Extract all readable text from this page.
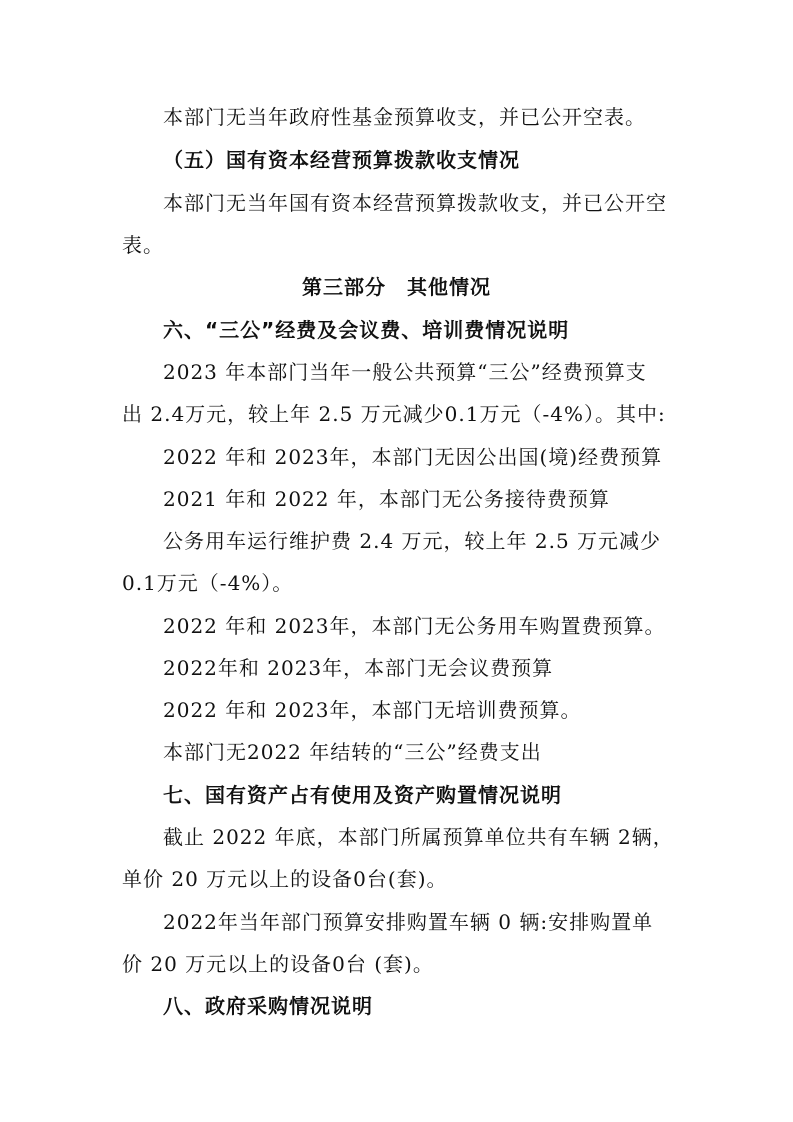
本部门无当年政府性基金预算收支，并已公开空表。

（五）国有资本经营预算拨款收支情况

本部门无当年国有资本经营预算拨款收支，并已公开空

表。

第三部分　其他情况

六、“三公”经费及会议费、培训费情况说明

2023 年本部门当年一般公共预算“三公”经费预算支

出 2.4万元，较上年 2.5 万元减少0.1万元（-4%）。其中:

2022 年和 2023年，本部门无因公出国(境)经费预算

2021 年和 2022 年，本部门无公务接待费预算

公务用车运行维护费 2.4 万元，较上年 2.5 万元减少

0.1万元（-4%）。

2022 年和 2023年，本部门无公务用车购置费预算。

2022年和 2023年，本部门无会议费预算

2022 年和 2023年，本部门无培训费预算。

本部门无2022 年结转的“三公”经费支出

七、国有资产占有使用及资产购置情况说明

截止 2022 年底，本部门所属预算单位共有车辆 2辆，

单价 20 万元以上的设备0台(套)。

2022年当年部门预算安排购置车辆 0 辆:安排购置单

价 20 万元以上的设备0台 (套)。

八、政府采购情况说明
